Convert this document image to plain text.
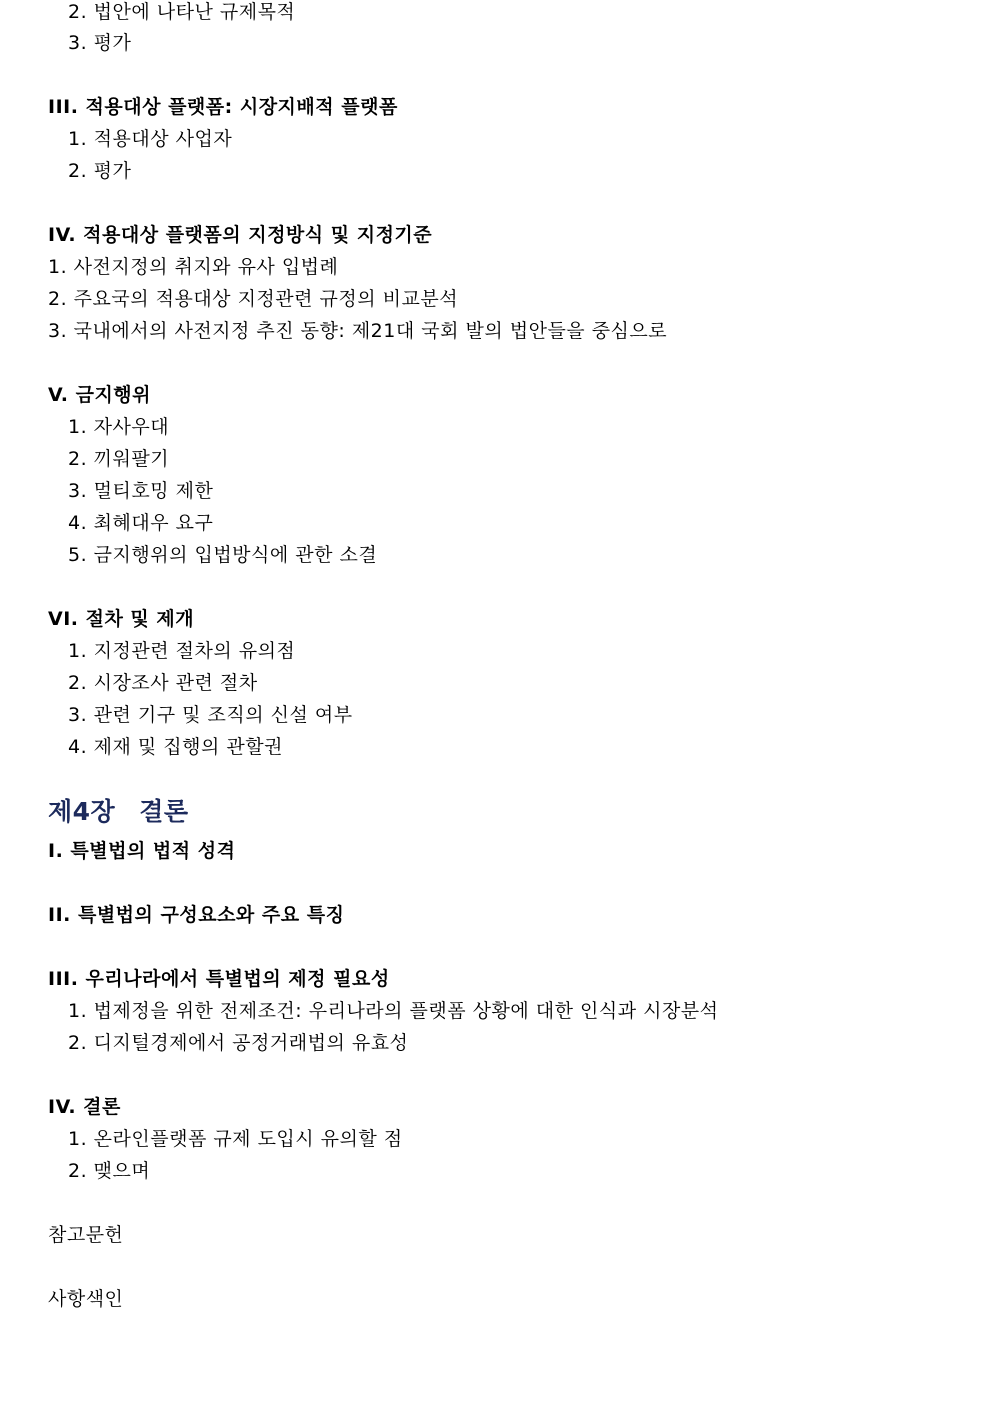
2. 법안에 나타난 규제목적
3. 평가
III. 적용대상 플랫폼: 시장지배적 플랫폼
1. 적용대상 사업자
2. 평가
IV. 적용대상 플랫폼의 지정방식 및 지정기준
1. 사전지정의 취지와 유사 입법례
2. 주요국의 적용대상 지정관련 규정의 비교분석
3. 국내에서의 사전지정 추진 동향: 제21대 국회 발의 법안들을 중심으로
V. 금지행위
1. 자사우대
2. 끼워팔기
3. 멀티호밍 제한
4. 최혜대우 요구
5. 금지행위의 입법방식에 관한 소결
VI. 절차 및 제개
1. 지정관련 절차의 유의점
2. 시장조사 관련 절차
3. 관련 기구 및 조직의 신설 여부
4. 제재 및 집행의 관할권
제4장 결론
I. 특별법의 법적 성격
II. 특별법의 구성요소와 주요 특징
III. 우리나라에서 특별법의 제정 필요성
1. 법제정을 위한 전제조건: 우리나라의 플랫폼 상황에 대한 인식과 시장분석
2. 디지털경제에서 공정거래법의 유효성
IV. 결론
1. 온라인플랫폼 규제 도입시 유의할 점
2. 맺으며
참고문헌
사항색인
